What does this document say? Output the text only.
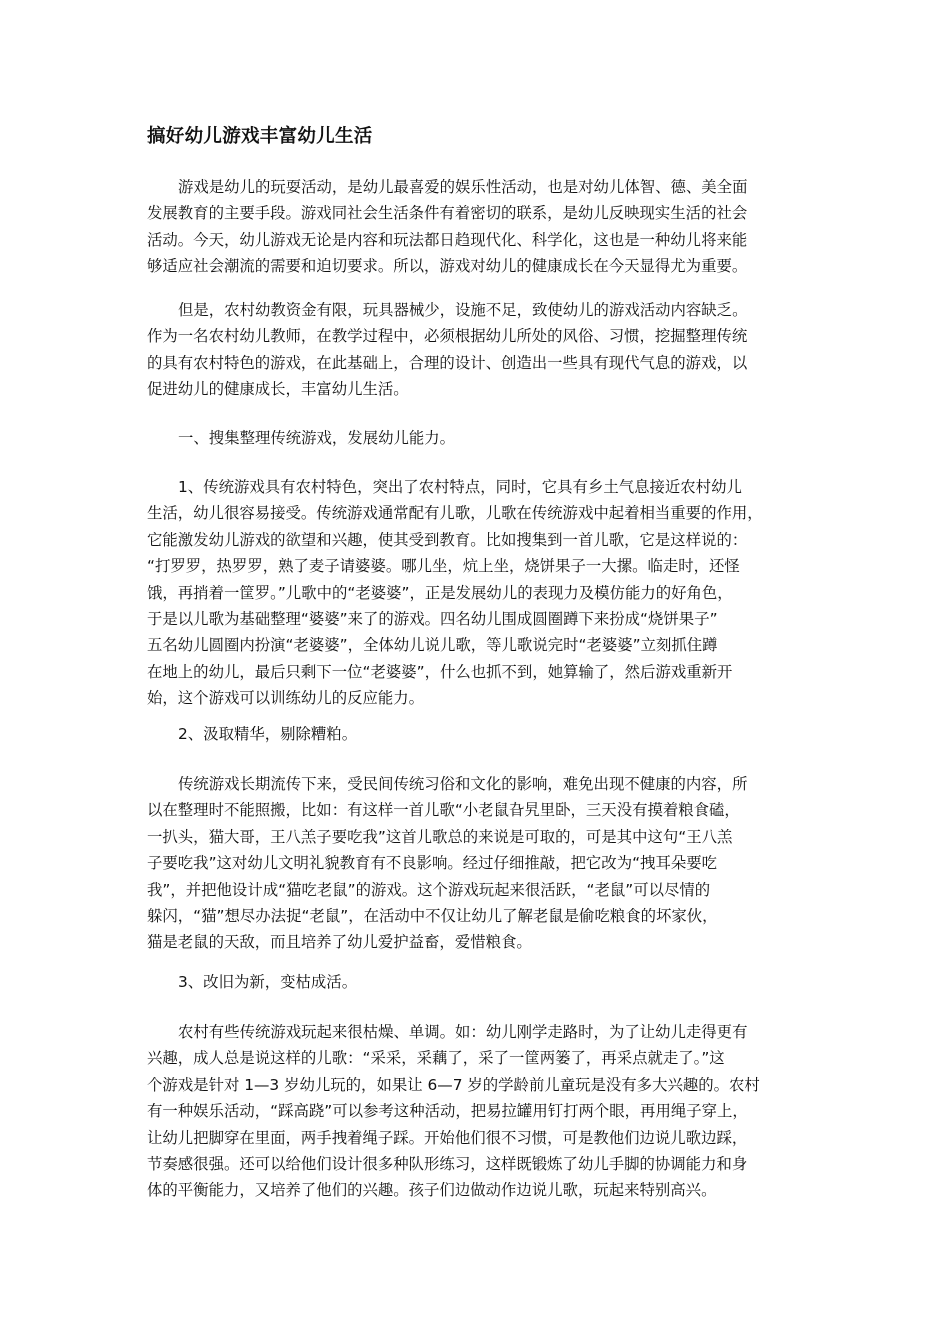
搞好幼儿游戏丰富幼儿生活

游戏是幼儿的玩耍活动，是幼儿最喜爱的娱乐性活动，也是对幼儿体智、德、美全面
发展教育的主要手段。游戏同社会生活条件有着密切的联系，是幼儿反映现实生活的社会
活动。今天，幼儿游戏无论是内容和玩法都日趋现代化、科学化，这也是一种幼儿将来能
够适应社会潮流的需要和迫切要求。所以，游戏对幼儿的健康成长在今天显得尤为重要。

但是，农村幼教资金有限，玩具器械少，设施不足，致使幼儿的游戏活动内容缺乏。
作为一名农村幼儿教师，在教学过程中，必须根据幼儿所处的风俗、习惯，挖掘整理传统
的具有农村特色的游戏，在此基础上，合理的设计、创造出一些具有现代气息的游戏，以
促进幼儿的健康成长，丰富幼儿生活。

一、搜集整理传统游戏，发展幼儿能力。

1、传统游戏具有农村特色，突出了农村特点，同时，它具有乡土气息接近农村幼儿
生活，幼儿很容易接受。传统游戏通常配有儿歌，儿歌在传统游戏中起着相当重要的作用，
它能激发幼儿游戏的欲望和兴趣，使其受到教育。比如搜集到一首儿歌，它是这样说的：
“打罗罗，热罗罗，熟了麦子请婆婆。哪儿坐，炕上坐，烧饼果子一大摞。临走时，还怪
饿，再捎着一筐罗。”儿歌中的“老婆婆”，正是发展幼儿的表现力及模仿能力的好角色，
于是以儿歌为基础整理“婆婆”来了的游戏。四名幼儿围成圆圈蹲下来扮成“烧饼果子”
五名幼儿圆圈内扮演“老婆婆”，全体幼儿说儿歌，等儿歌说完时“老婆婆”立刻抓住蹲
在地上的幼儿，最后只剩下一位“老婆婆”，什么也抓不到，她算输了，然后游戏重新开
始，这个游戏可以训练幼儿的反应能力。

2、汲取精华，剔除糟粕。

传统游戏长期流传下来，受民间传统习俗和文化的影响，难免出现不健康的内容，所
以在整理时不能照搬，比如：有这样一首儿歌“小老鼠旮旯里卧，三天没有摸着粮食磕，
一扒头，猫大哥，王八羔子要吃我”这首儿歌总的来说是可取的，可是其中这句“王八羔
子要吃我”这对幼儿文明礼貌教育有不良影响。经过仔细推敲，把它改为“拽耳朵要吃
我”，并把他设计成“猫吃老鼠”的游戏。这个游戏玩起来很活跃，“老鼠”可以尽情的
躲闪，“猫”想尽办法捉“老鼠”，在活动中不仅让幼儿了解老鼠是偷吃粮食的坏家伙，
猫是老鼠的天敌，而且培养了幼儿爱护益畜，爱惜粮食。

3、改旧为新，变枯成活。

农村有些传统游戏玩起来很枯燥、单调。如：幼儿刚学走路时，为了让幼儿走得更有
兴趣，成人总是说这样的儿歌：“采采，采藕了，采了一筐两篓了，再采点就走了。”这
个游戏是针对 1—3 岁幼儿玩的，如果让 6—7 岁的学龄前儿童玩是没有多大兴趣的。农村
有一种娱乐活动，“踩高跷”可以参考这种活动，把易拉罐用钉打两个眼，再用绳子穿上，
让幼儿把脚穿在里面，两手拽着绳子踩。开始他们很不习惯，可是教他们边说儿歌边踩，
节奏感很强。还可以给他们设计很多种队形练习，这样既锻炼了幼儿手脚的协调能力和身
体的平衡能力，又培养了他们的兴趣。孩子们边做动作边说儿歌，玩起来特别高兴。
